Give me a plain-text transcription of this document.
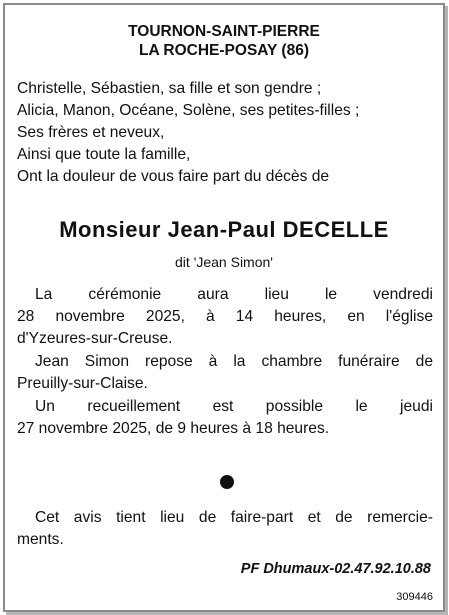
TOURNON-SAINT-PIERRE
LA ROCHE-POSAY (86)
Christelle, Sébastien, sa fille et son gendre ;
Alicia, Manon, Océane, Solène, ses petites-filles ;
Ses frères et neveux,
Ainsi que toute la famille,
Ont la douleur de vous faire part du décès de
Monsieur Jean-Paul DECELLE
dit 'Jean Simon'
La cérémonie aura lieu le vendredi
28 novembre 2025, à 14 heures, en l'église
d'Yzeures-sur-Creuse.
Jean Simon repose à la chambre funéraire de
Preuilly-sur-Claise.
Un recueillement est possible le jeudi
27 novembre 2025, de 9 heures à 18 heures.
Cet avis tient lieu de faire-part et de remercie-
ments.
PF Dhumaux-02.47.92.10.88
309446
